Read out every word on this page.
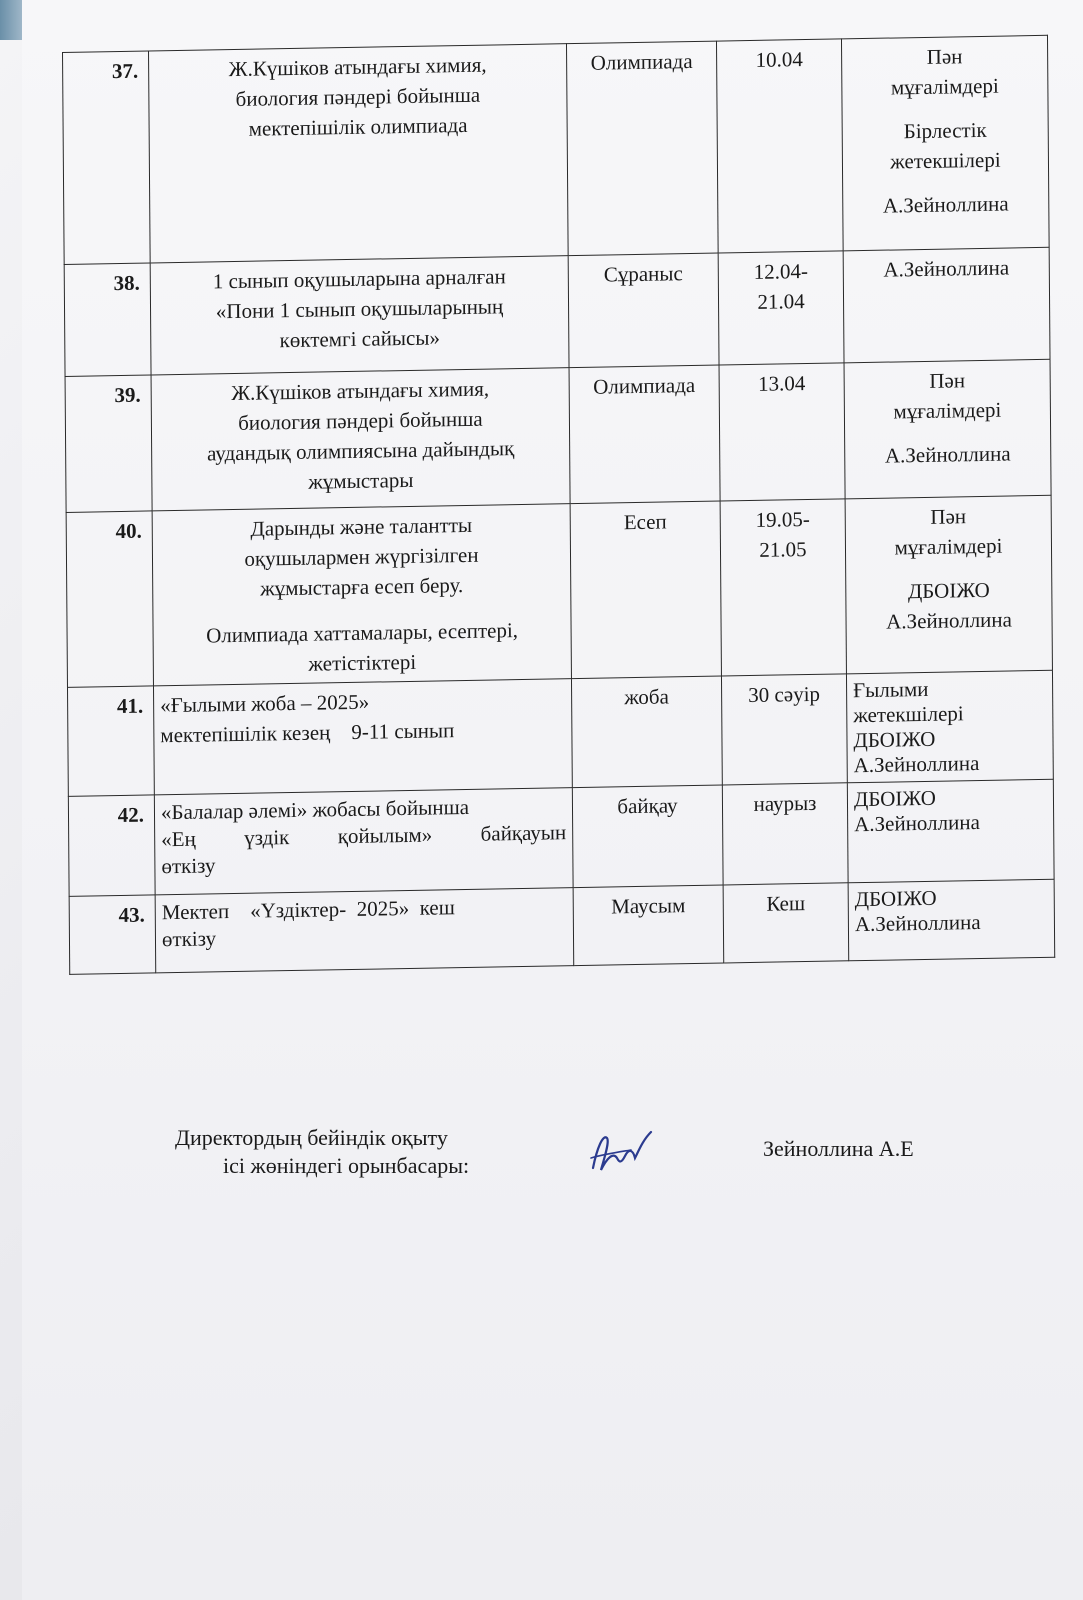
37.	Ж.Күшіков атындағы химия,
биология пәндері бойынша
мектепішілік олимпиада	Олимпиада	10.04	Пән
мұғалімдері
Бірлестік
жетекшілері
А.Зейноллина

38.	1 сынып оқушыларына арналған
«Пони 1 сынып оқушыларының
көктемгі сайысы»	Сұраныс	12.04-
21.04	А.Зейноллина

39.	Ж.Күшіков атындағы химия,
биология пәндері бойынша
аудандық олимпиясына дайындық
жұмыстары	Олимпиада	13.04	Пән
мұғалімдері
А.Зейноллина

40.	Дарынды және талантты
оқушылармен жүргізілген
жұмыстарға есеп беру.
Олимпиада хаттамалары, есептері,
жетістіктері	Есеп	19.05-
21.05	Пән
мұғалімдері
ДБОІЖО
А.Зейноллина

41.	«Ғылыми жоба – 2025»
мектепішілік кезең    9-11 сынып	жоба	30 сәуір	Ғылыми
жетекшілері
ДБОІЖО
А.Зейноллина

42.	«Балалар әлемі» жобасы бойынша
«Ең үздік қойылым» байқауын
өткізу	байқау	наурыз	ДБОІЖО
А.Зейноллина

43.	Мектеп    «Үздіктер-  2025»  кеш
өткізу	Маусым	Кеш	ДБОІЖО
А.Зейноллина
Директордың бейіндік оқыту
ісі жөніндегі орынбасары:
Зейноллина А.Е
